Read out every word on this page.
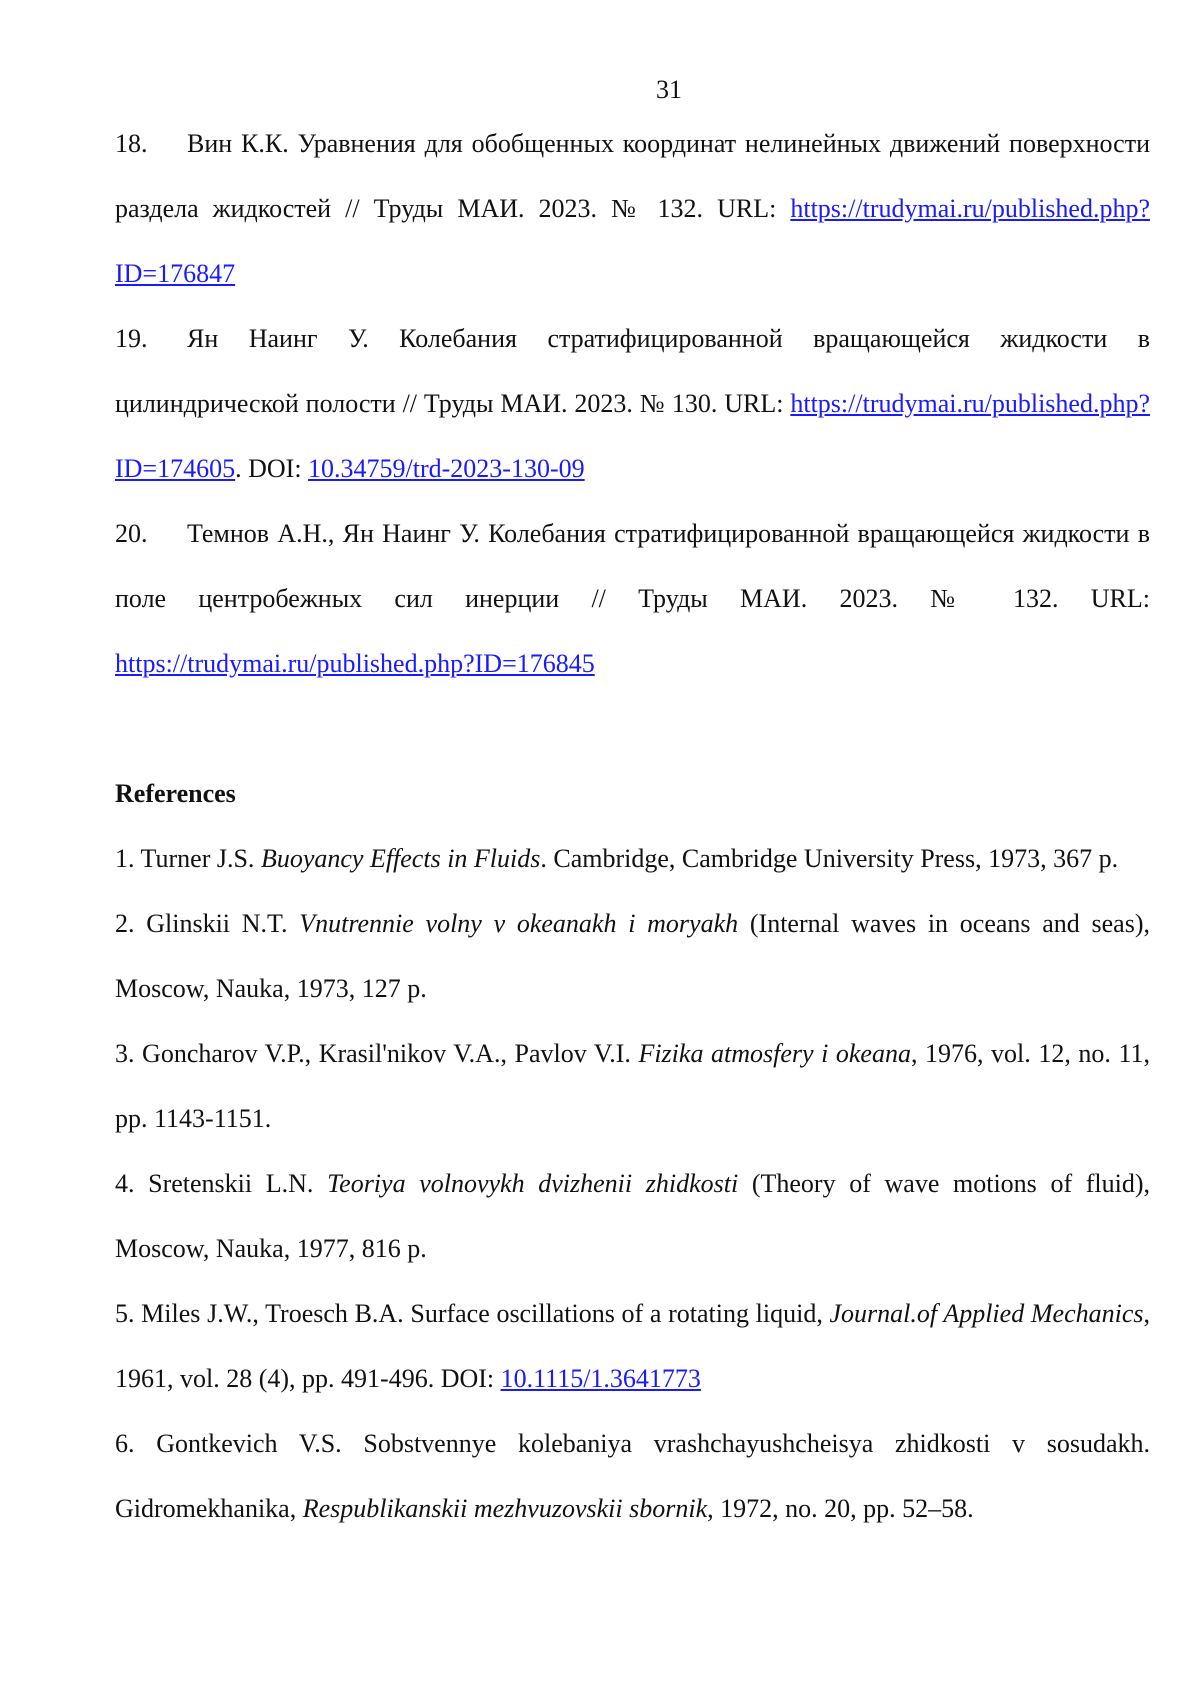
31

18. Вин К.К. Уравнения для обобщенных координат нелинейных движений поверхности раздела жидкостей // Труды МАИ. 2023. № 132. URL: https://trudymai.ru/published.php?ID=176847

19. Ян Наинг У. Колебания стратифицированной вращающейся жидкости в цилиндрической полости // Труды МАИ. 2023. № 130. URL: https://trudymai.ru/published.php?ID=174605. DOI: 10.34759/trd-2023-130-09

20. Темнов А.Н., Ян Наинг У. Колебания стратифицированной вращающейся жидкости в поле центробежных сил инерции // Труды МАИ. 2023. № 132. URL: https://trudymai.ru/published.php?ID=176845

References

1. Turner J.S. Buoyancy Effects in Fluids. Cambridge, Cambridge University Press, 1973, 367 p.

2. Glinskii N.T. Vnutrennie volny v okeanakh i moryakh (Internal waves in oceans and seas), Moscow, Nauka, 1973, 127 p.

3. Goncharov V.P., Krasil'nikov V.A., Pavlov V.I. Fizika atmosfery i okeana, 1976, vol. 12, no. 11, pp. 1143-1151.

4. Sretenskii L.N. Teoriya volnovykh dvizhenii zhidkosti (Theory of wave motions of fluid), Moscow, Nauka, 1977, 816 p.

5. Miles J.W., Troesch B.A. Surface oscillations of a rotating liquid, Journal.of Applied Mechanics, 1961, vol. 28 (4), pp. 491-496. DOI: 10.1115/1.3641773

6. Gontkevich V.S. Sobstvennye kolebaniya vrashchayushcheisya zhidkosti v sosudakh. Gidromekhanika, Respublikanskii mezhvuzovskii sbornik, 1972, no. 20, pp. 52–58.
